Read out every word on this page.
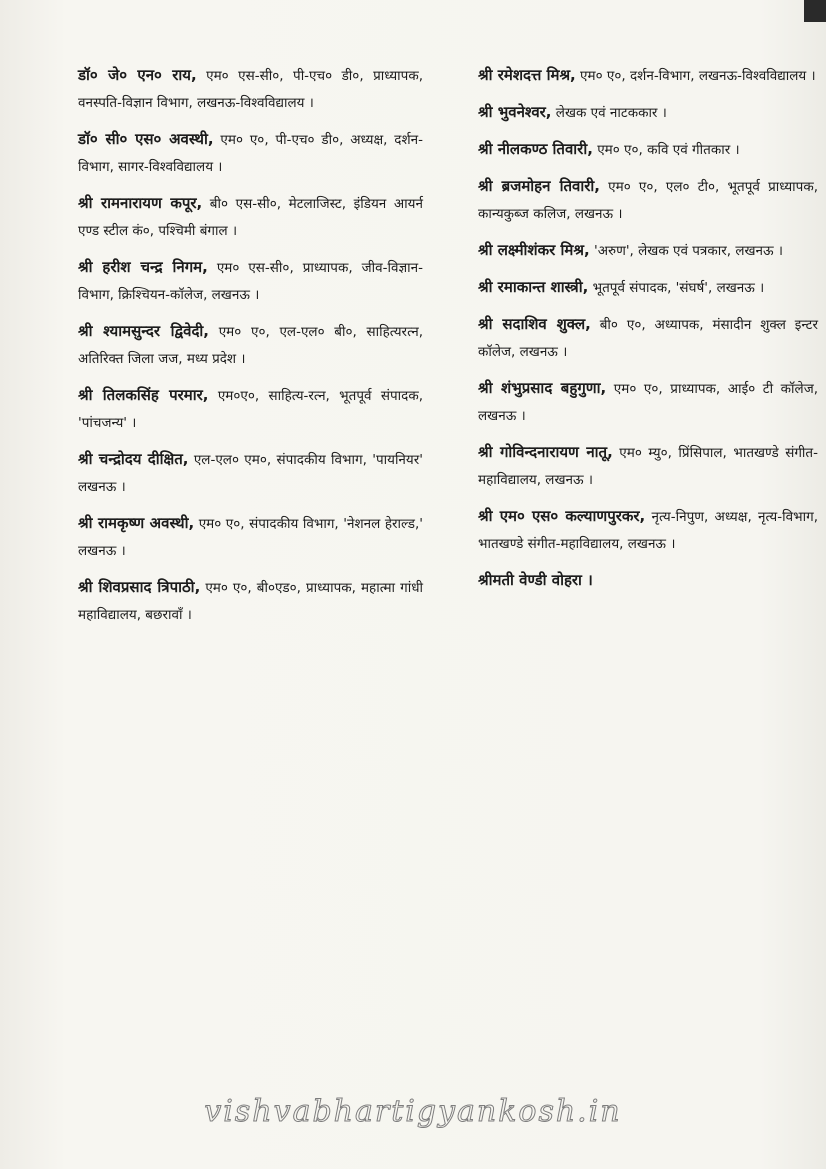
डॉ० जे० एन० राय, एम० एस-सी०, पी-एच० डी०, प्राध्यापक, वनस्पति-विज्ञान विभाग, लखनऊ-विश्वविद्यालय ।
डॉ० सी० एस० अवस्थी, एम० ए०, पी-एच० डी०, अध्यक्ष, दर्शन-विभाग, सागर-विश्वविद्यालय ।
श्री रामनारायण कपूर, बी० एस-सी०, मेटलाजिस्ट, इंडियन आयर्न एण्ड स्टील कं०, पश्चिमी बंगाल ।
श्री हरीश चन्द्र निगम, एम० एस-सी०, प्राध्यापक, जीव-विज्ञान-विभाग, क्रिश्चियन-कॉलेज, लखनऊ ।
श्री श्यामसुन्दर द्विवेदी, एम० ए०, एल-एल० बी०, साहित्यरत्न, अतिरिक्त जिला जज, मध्य प्रदेश ।
श्री तिलकसिंह परमार, एम०ए०, साहित्य-रत्न, भूतपूर्व संपादक, 'पांचजन्य' ।
श्री चन्द्रोदय दीक्षित, एल-एल० एम०, संपादकीय विभाग, 'पायनियर' लखनऊ ।
श्री रामकृष्ण अवस्थी, एम० ए०, संपादकीय विभाग, 'नेशनल हेराल्ड,' लखनऊ ।
श्री शिवप्रसाद त्रिपाठी, एम० ए०, बी०एड०, प्राध्यापक, महात्मा गांधी महाविद्यालय, बछरावाँ ।
श्री रमेशदत्त मिश्र, एम० ए०, दर्शन-विभाग, लखनऊ-विश्वविद्यालय ।
श्री भुवनेश्वर, लेखक एवं नाटककार ।
श्री नीलकण्ठ तिवारी, एम० ए०, कवि एवं गीतकार ।
श्री ब्रजमोहन तिवारी, एम० ए०, एल० टी०, भूतपूर्व प्राध्यापक, कान्यकुब्ज कलिज, लखनऊ ।
श्री लक्ष्मीशंकर मिश्र, 'अरुण', लेखक एवं पत्रकार, लखनऊ ।
श्री रमाकान्त शास्त्री, भूतपूर्व संपादक, 'संघर्ष', लखनऊ ।
श्री सदाशिव शुक्ल, बी० ए०, अध्यापक, मंसादीन शुक्ल इन्टर कॉलेज, लखनऊ ।
श्री शंभुप्रसाद बहुगुणा, एम० ए०, प्राध्यापक, आई० टी कॉलेज, लखनऊ ।
श्री गोविन्दनारायण नातू, एम० म्यु०, प्रिंसिपाल, भातखण्डे संगीत-महाविद्यालय, लखनऊ ।
श्री एम० एस० कल्याणपुरकर, नृत्य-निपुण, अध्यक्ष, नृत्य-विभाग, भातखण्डे संगीत-महाविद्यालय, लखनऊ ।
श्रीमती वेण्डी वोहरा ।
vishvabhartigyankosh.in
